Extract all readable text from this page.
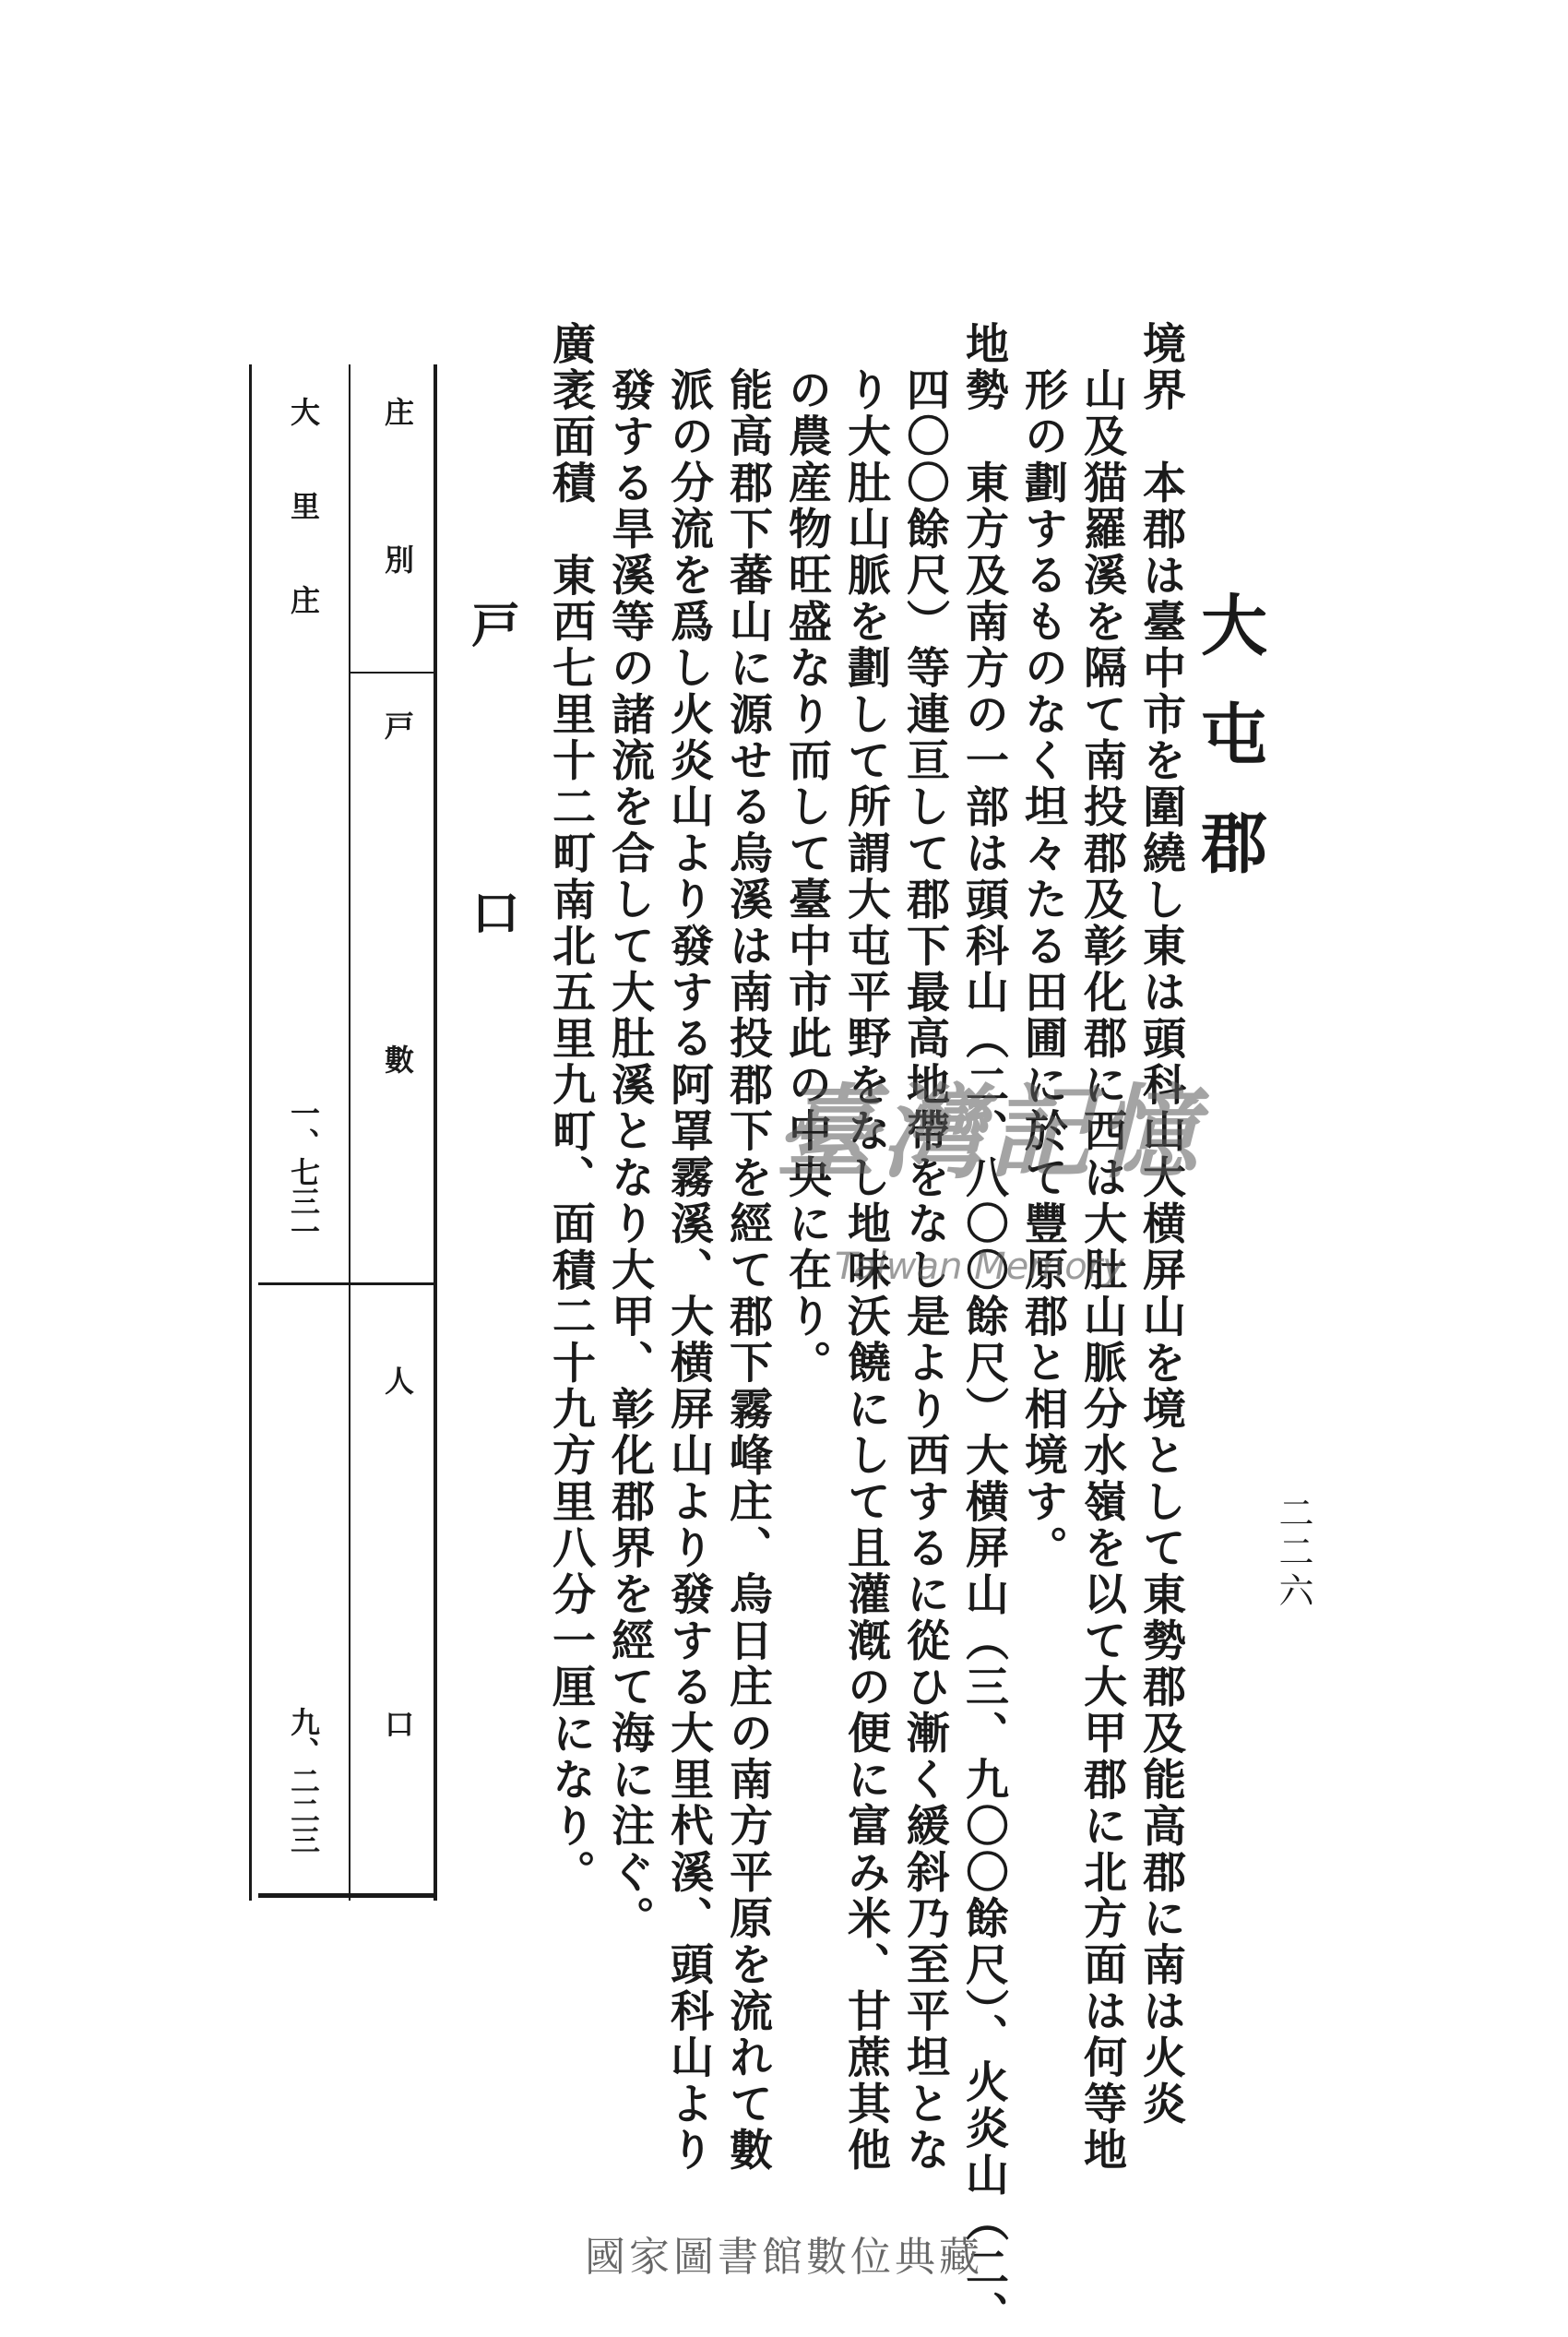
二二六
大屯郡
境界　本郡は臺中市を圍繞し東は頭科山大横屏山を境として東勢郡及能高郡に南は火炎
山及猫羅溪を隔て南投郡及彰化郡に西は大肚山脈分水嶺を以て大甲郡に北方面は何等地
形の劃するものなく坦々たる田圃に於て豐原郡と相境す。
地勢　東方及南方の一部は頭科山（二、八〇〇餘尺）大横屏山（三、九〇〇餘尺）、火炎山（二、
四〇〇餘尺）等連亘して郡下最高地帶をなし是より西するに從ひ漸く緩斜乃至平坦とな
り大肚山脈を劃して所謂大屯平野をなし地味沃饒にして且灌漑の便に富み米、甘蔗其他
の農産物旺盛なり而して臺中市此の中央に在り。
能高郡下蕃山に源せる烏溪は南投郡下を經て郡下霧峰庄、烏日庄の南方平原を流れて數
派の分流を爲し火炎山より發する阿罩霧溪、大横屏山より發する大里杙溪、頭科山より
發する旱溪等の諸流を合して大肚溪となり大甲、彰化郡界を經て海に注ぐ。
廣袤面積　東西七里十二町南北五里九町、面積二十九方里八分一厘になり。
戸口
庄別
戸數
人口
大里庄
一、七三一
九、二二三
臺灣記憶
Taiwan Memory
國家圖書館數位典藏
